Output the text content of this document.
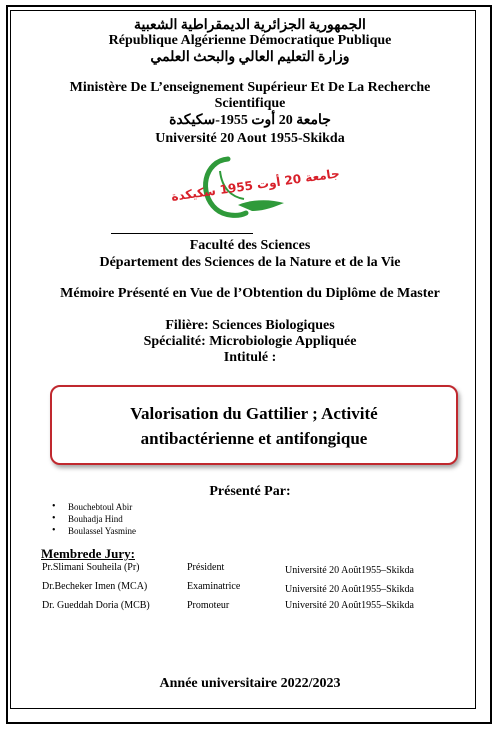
الجمهورية الجزائرية الديمقراطية الشعبية
République Algérienne Démocratique Publique
وزارة التعليم العالي والبحث العلمي
Ministère De L’enseignement Supérieur Et De La Recherche
Scientifique
جامعة 20 أوت 1955-سكيكدة
Université 20 Aout 1955-Skikda
جامعة 20 أوت 1955 سكيكدة
Faculté des Sciences
Département des Sciences de la Nature et de la Vie
Mémoire Présenté en Vue de l’Obtention du Diplôme de Master
Filière: Sciences Biologiques
Spécialité: Microbiologie Appliquée
Intitulé :
Valorisation du Gattilier ; Activité
antibactérienne et antifongique
Présenté Par:
• Bouchebtoul Abir
• Bouhadja Hind
• Boulassel Yasmine
Membrede Jury:
Pr.Slimani Souheila (Pr)	Président	Université 20 Août1955–Skikda
Dr.Becheker Imen (MCA)	Examinatrice	Université 20 Août1955–Skikda
Dr. Gueddah Doria (MCB)	Promoteur	Université 20 Août1955–Skikda
Année universitaire 2022/2023
